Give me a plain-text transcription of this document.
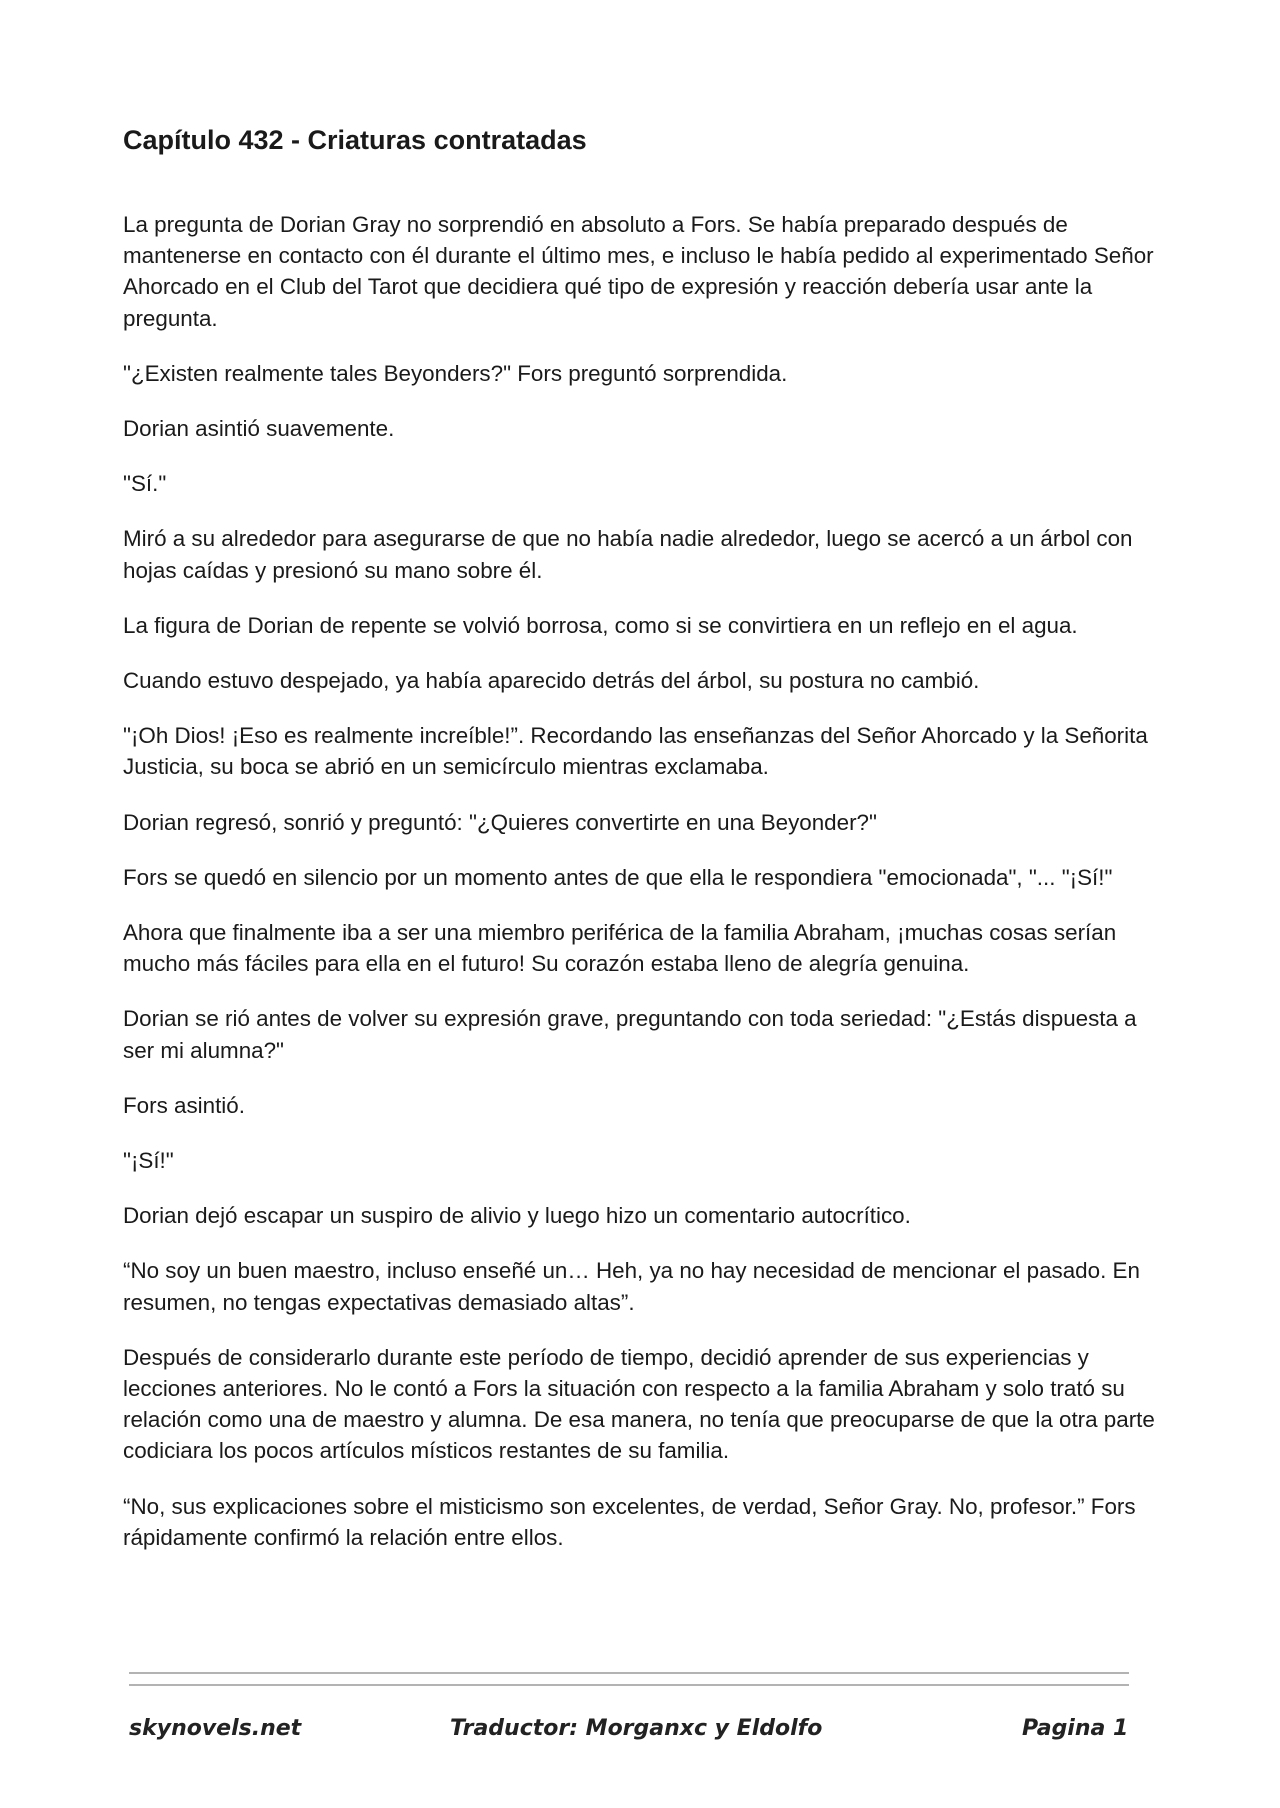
Capítulo 432 - Criaturas contratadas

La pregunta de Dorian Gray no sorprendió en absoluto a Fors. Se había preparado después de mantenerse en contacto con él durante el último mes, e incluso le había pedido al experimentado Señor Ahorcado en el Club del Tarot que decidiera qué tipo de expresión y reacción debería usar ante la pregunta.

"¿Existen realmente tales Beyonders?" Fors preguntó sorprendida.

Dorian asintió suavemente.

"Sí."

Miró a su alrededor para asegurarse de que no había nadie alrededor, luego se acercó a un árbol con hojas caídas y presionó su mano sobre él.

La figura de Dorian de repente se volvió borrosa, como si se convirtiera en un reflejo en el agua.

Cuando estuvo despejado, ya había aparecido detrás del árbol, su postura no cambió.

"¡Oh Dios! ¡Eso es realmente increíble!”. Recordando las enseñanzas del Señor Ahorcado y la Señorita Justicia, su boca se abrió en un semicírculo mientras exclamaba.

Dorian regresó, sonrió y preguntó: "¿Quieres convertirte en una Beyonder?"

Fors se quedó en silencio por un momento antes de que ella le respondiera "emocionada", "... "¡Sí!"

Ahora que finalmente iba a ser una miembro periférica de la familia Abraham, ¡muchas cosas serían mucho más fáciles para ella en el futuro! Su corazón estaba lleno de alegría genuina.

Dorian se rió antes de volver su expresión grave, preguntando con toda seriedad: "¿Estás dispuesta a ser mi alumna?"

Fors asintió.

"¡Sí!"

Dorian dejó escapar un suspiro de alivio y luego hizo un comentario autocrítico.

“No soy un buen maestro, incluso enseñé un… Heh, ya no hay necesidad de mencionar el pasado. En resumen, no tengas expectativas demasiado altas”.

Después de considerarlo durante este período de tiempo, decidió aprender de sus experiencias y lecciones anteriores. No le contó a Fors la situación con respecto a la familia Abraham y solo trató su relación como una de maestro y alumna. De esa manera, no tenía que preocuparse de que la otra parte codiciara los pocos artículos místicos restantes de su familia.

“No, sus explicaciones sobre el misticismo son excelentes, de verdad, Señor Gray. No, profesor.” Fors rápidamente confirmó la relación entre ellos.

skynovels.net	Traductor: Morganxc y Eldolfo	Pagina 1
